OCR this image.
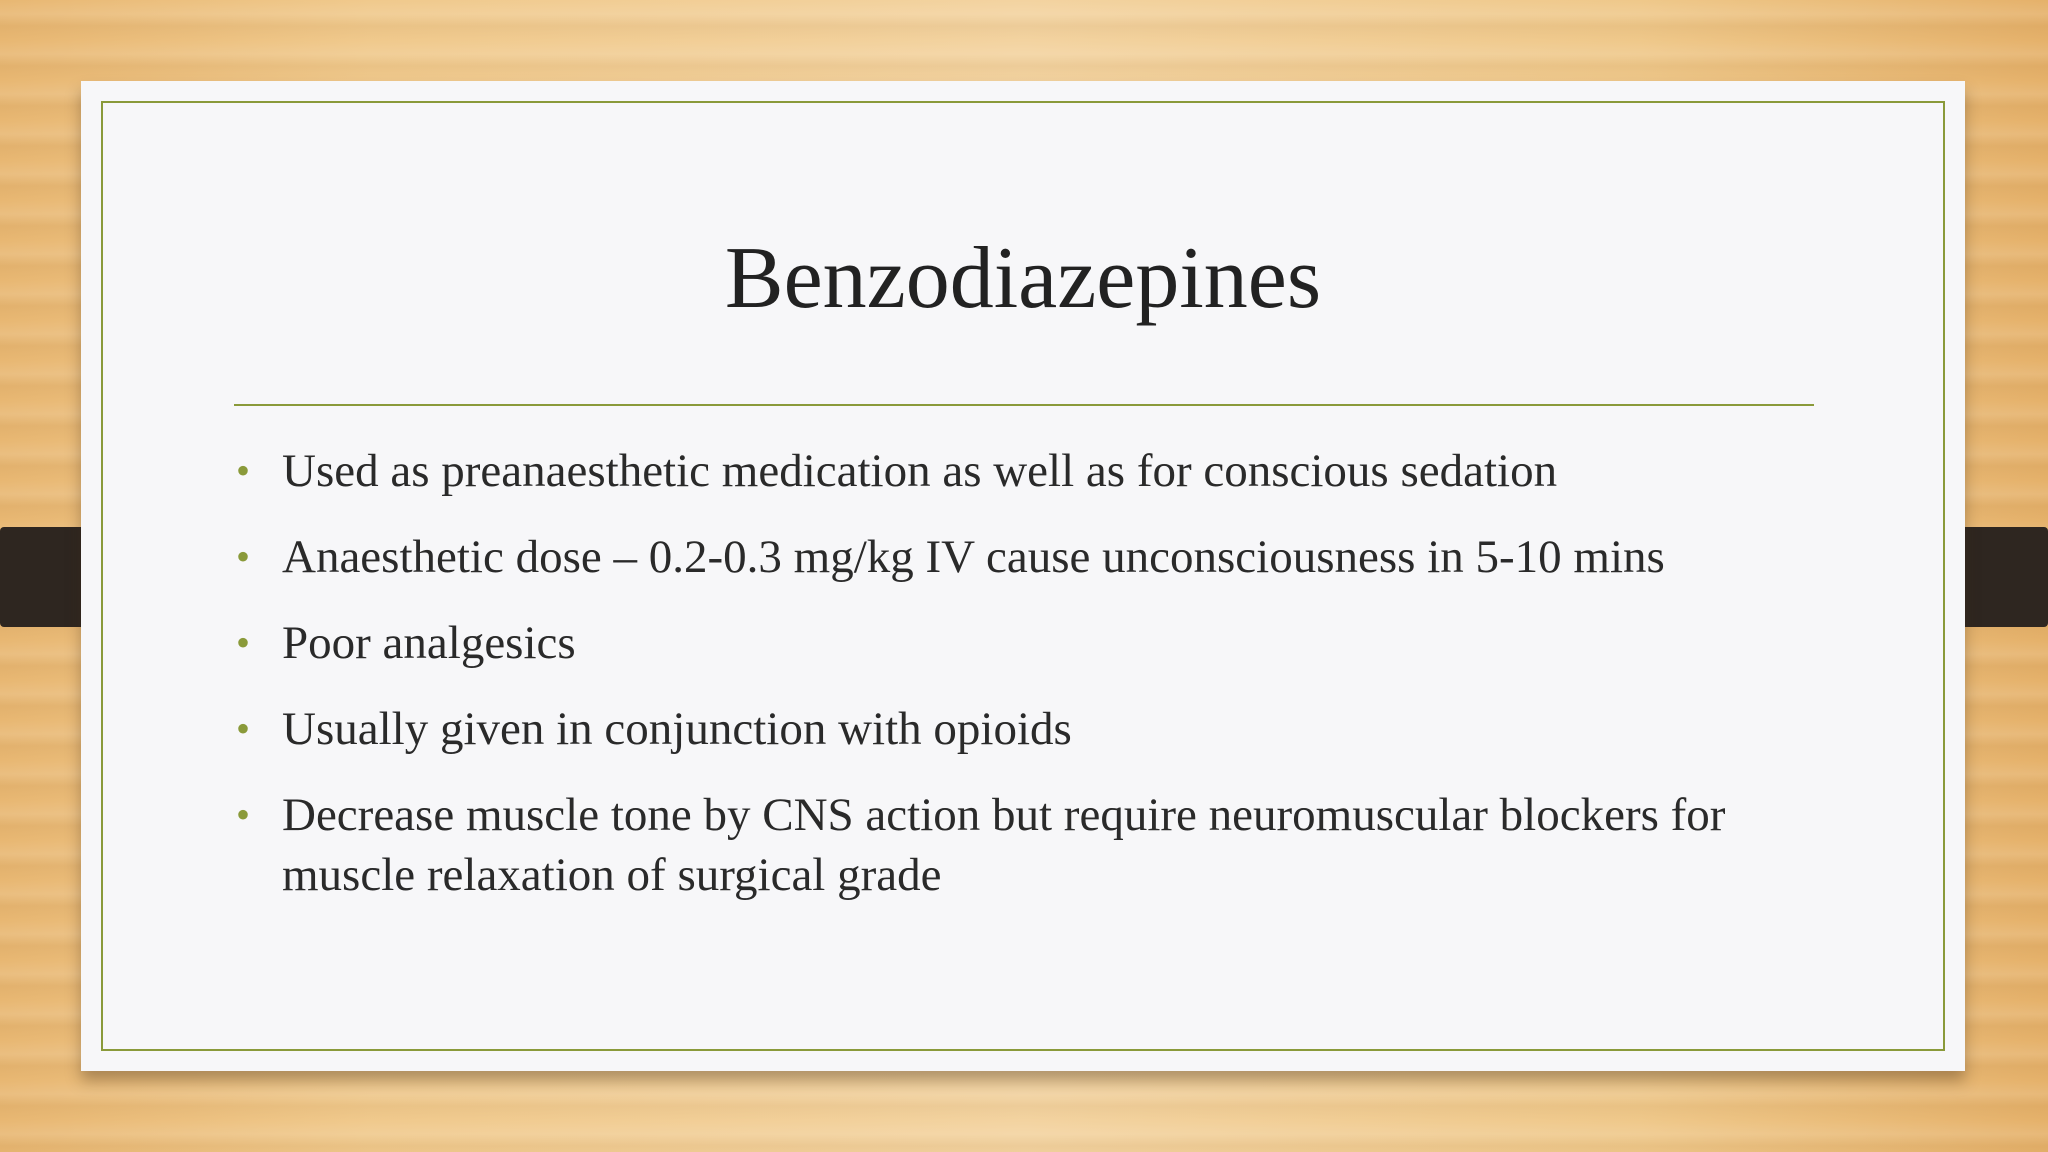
Benzodiazepines
• Used as preanaesthetic medication as well as for conscious sedation
• Anaesthetic dose – 0.2-0.3 mg/kg IV cause unconsciousness in 5-10 mins
• Poor analgesics
• Usually given in conjunction with opioids
• Decrease muscle tone by CNS action but require neuromuscular blockers for muscle relaxation of surgical grade
